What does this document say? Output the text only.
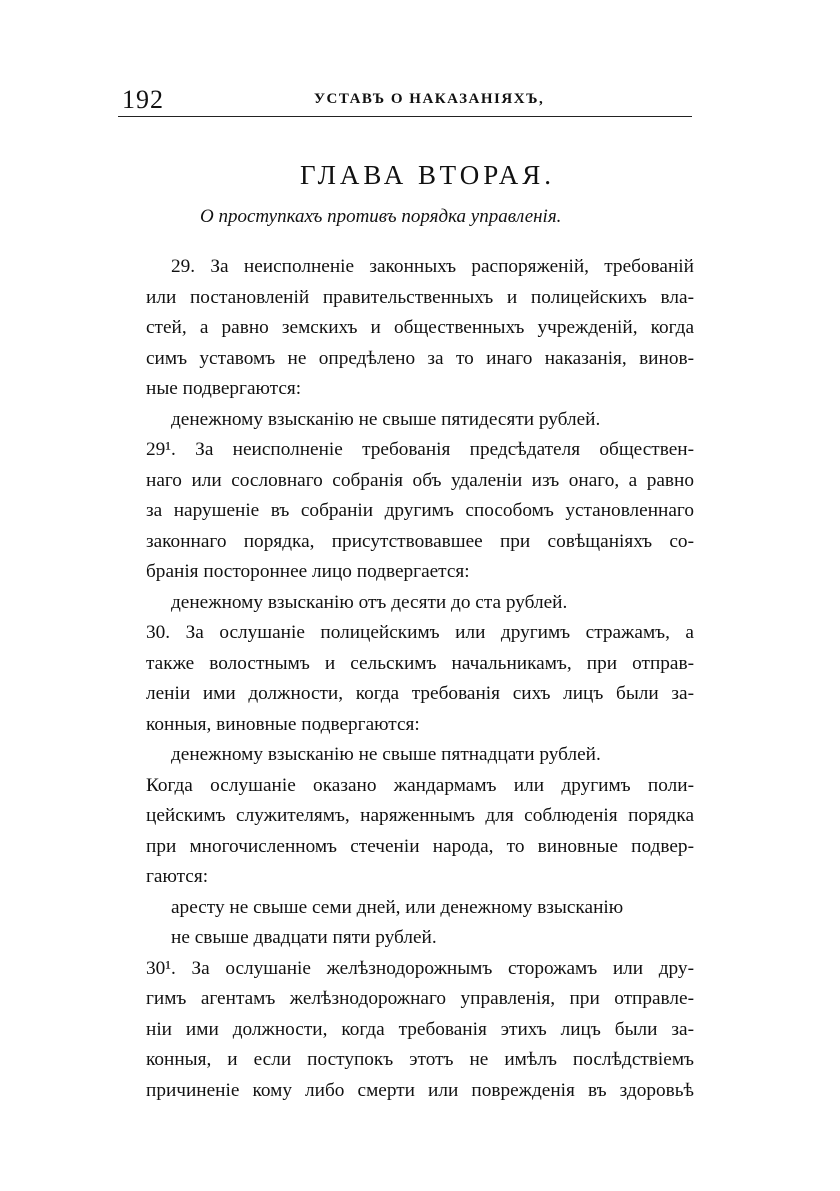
192	УСТАВЪ О НАКАЗАНІЯХЪ,
ГЛАВА ВТОРАЯ.
О проступкахъ противъ порядка управленія.
29. За неисполненіе законныхъ распоряженій, требованій
или постановленій правительственныхъ и полицейскихъ вла-
стей, а равно земскихъ и общественныхъ учрежденій, когда
симъ уставомъ не опредѣлено за то инаго наказанія, винов-
ные подвергаются:
денежному взысканію не свыше пятидесяти рублей.
29¹. За неисполненіе требованія предсѣдателя обществен-
наго или сословнаго собранія объ удаленіи изъ онаго, а равно
за нарушеніе въ собраніи другимъ способомъ установленнаго
законнаго порядка, присутствовавшее при совѣщаніяхъ со-
бранія постороннее лицо подвергается:
денежному взысканію отъ десяти до ста рублей.
30. За ослушаніе полицейскимъ или другимъ стражамъ, а
также волостнымъ и сельскимъ начальникамъ, при отправ-
леніи ими должности, когда требованія сихъ лицъ были за-
конныя, виновные подвергаются:
денежному взысканію не свыше пятнадцати рублей.
Когда ослушаніе оказано жандармамъ или другимъ поли-
цейскимъ служителямъ, наряженнымъ для соблюденія порядка
при многочисленномъ стеченіи народа, то виновные подвер-
гаются:
аресту не свыше семи дней, или денежному взысканію
не свыше двадцати пяти рублей.
30¹. За ослушаніе желѣзнодорожнымъ сторожамъ или дру-
гимъ агентамъ желѣзнодорожнаго управленія, при отправле-
ніи ими должности, когда требованія этихъ лицъ были за-
конныя, и если поступокъ этотъ не имѣлъ послѣдствіемъ
причиненіе кому либо смерти или поврежденія въ здоровьѣ
